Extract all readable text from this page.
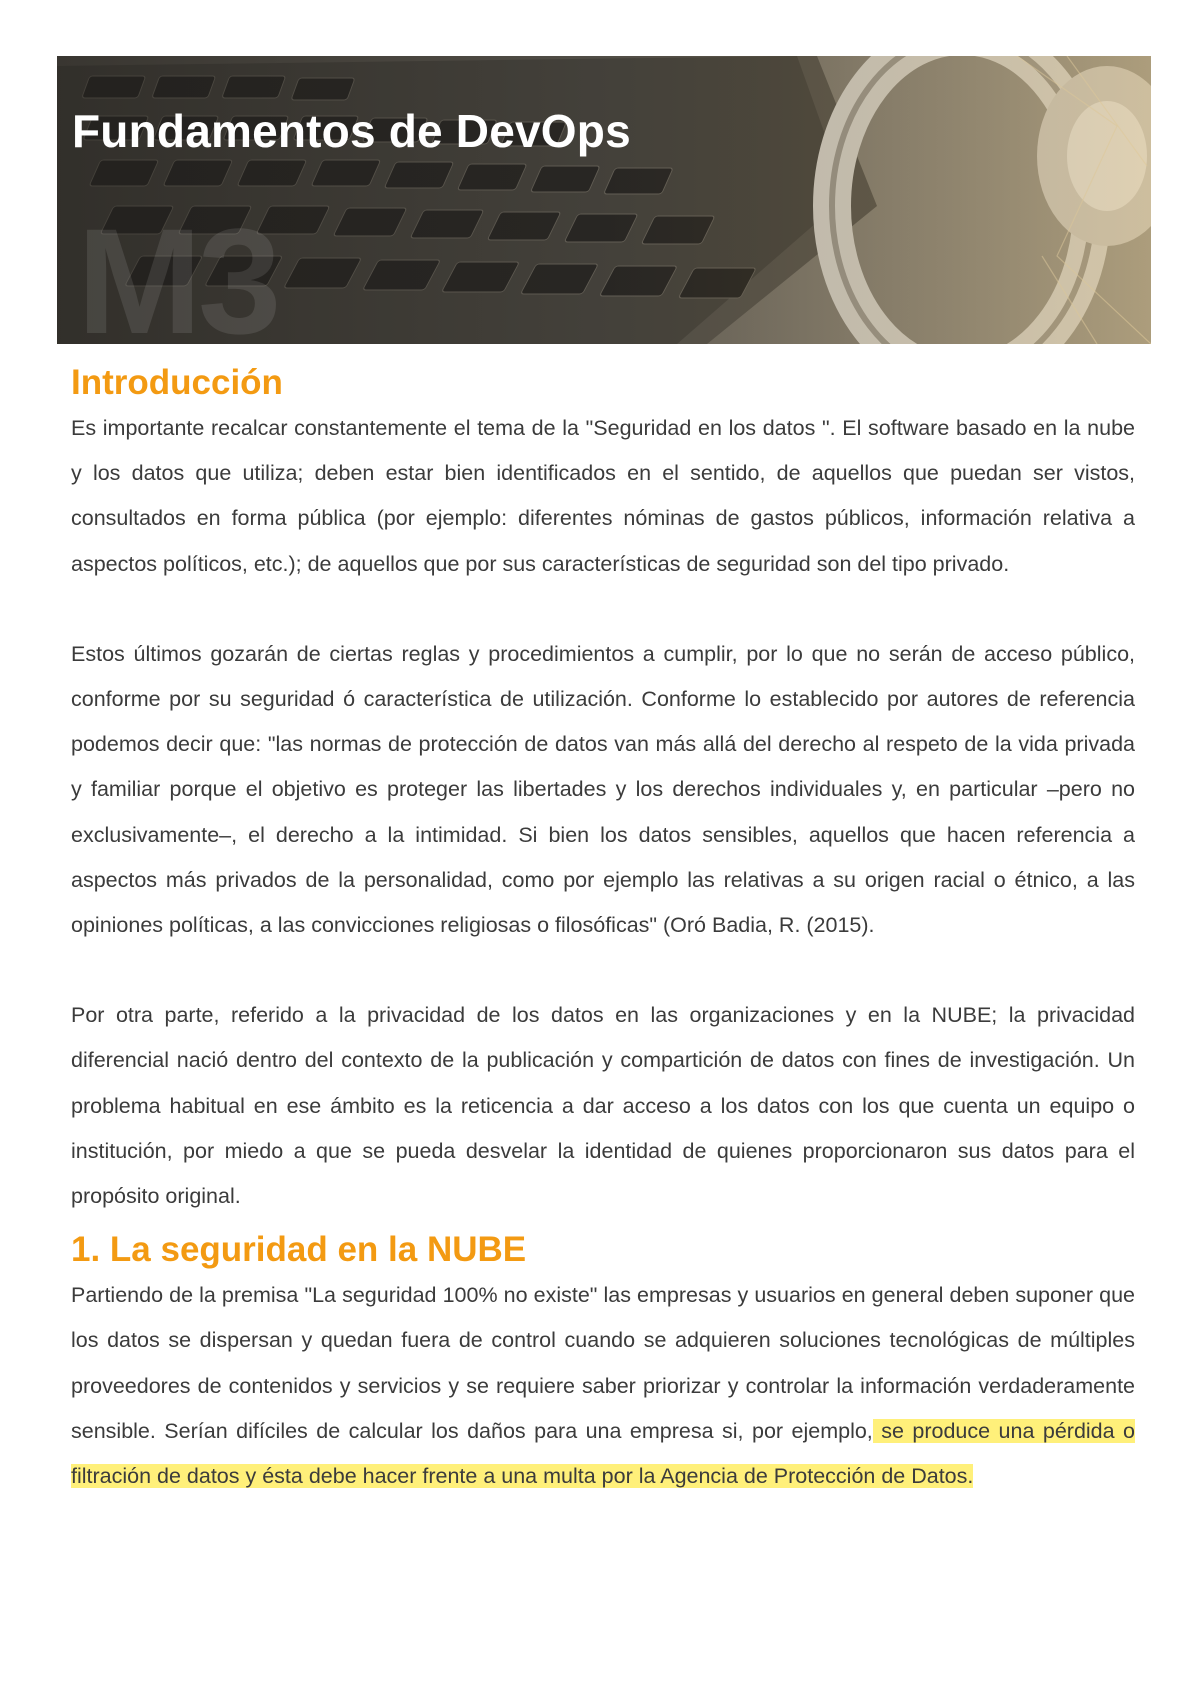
M3
Fundamentos de DevOps
Introducción

Es importante recalcar constantemente el tema de la "Seguridad en los datos ". El software basado en la nube y los datos que utiliza; deben estar bien identificados en el sentido, de aquellos que puedan ser vistos, consultados en forma pública (por ejemplo: diferentes nóminas de gastos públicos, información relativa a aspectos políticos, etc.); de aquellos que por sus características de seguridad son del tipo privado.

Estos últimos gozarán de ciertas reglas y procedimientos a cumplir, por lo que no serán de acceso público, conforme por su seguridad ó característica de utilización. Conforme lo establecido por autores de referencia podemos decir que: "las normas de protección de datos van más allá del derecho al respeto de la vida privada y familiar porque el objetivo es proteger las libertades y los derechos individuales y, en particular –pero no exclusivamente–, el derecho a la intimidad. Si bien los datos sensibles, aquellos que hacen referencia a aspectos más privados de la personalidad, como por ejemplo las relativas a su origen racial o étnico, a las opiniones políticas, a las convicciones religiosas o filosóficas" (Oró Badia, R. (2015).

Por otra parte, referido a la privacidad de los datos en las organizaciones y en la NUBE; la privacidad diferencial nació dentro del contexto de la publicación y compartición de datos con fines de investigación. Un problema habitual en ese ámbito es la reticencia a dar acceso a los datos con los que cuenta un equipo o institución, por miedo a que se pueda desvelar la identidad de quienes proporcionaron sus datos para el propósito original.

1. La seguridad en la NUBE

Partiendo de la premisa "La seguridad 100% no existe" las empresas y usuarios en general deben suponer que los datos se dispersan y quedan fuera de control cuando se adquieren soluciones tecnológicas de múltiples proveedores de contenidos y servicios y se requiere saber priorizar y controlar la información verdaderamente sensible. Serían difíciles de calcular los daños para una empresa si, por ejemplo, se produce una pérdida o filtración de datos y ésta debe hacer frente a una multa por la Agencia de Protección de Datos.
